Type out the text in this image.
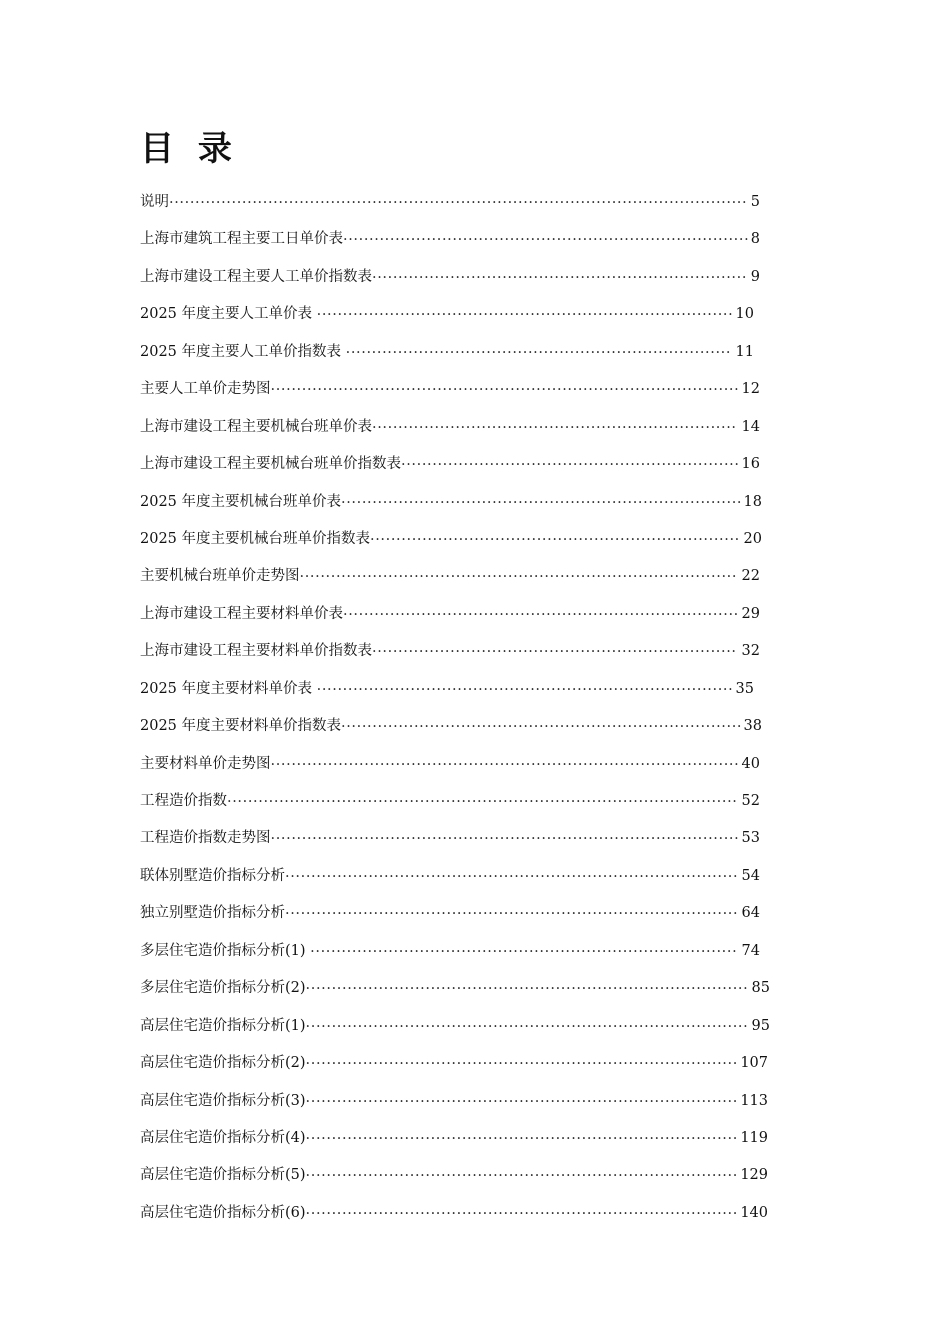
目 录
说明··············································································································· 5
上海市建筑工程主要工日单价表··············································································8
上海市建设工程主要人工单价指数表········································································ 9
2025 年度主要人工单价表 ················································································ 10
2025 年度主要人工单价指数表 ·········································································· 11
主要人工单价走势图·························································································· 12
上海市建设工程主要机械台班单价表······································································ 14
上海市建设工程主要机械台班单价指数表································································· 16
2025 年度主要机械台班单价表·············································································18
2025 年度主要机械台班单价指数表······································································· 20
主要机械台班单价走势图···················································································· 22
上海市建设工程主要材料单价表············································································ 29
上海市建设工程主要材料单价指数表······································································ 32
2025 年度主要材料单价表 ················································································ 35
2025 年度主要材料单价指数表·············································································38
主要材料单价走势图·························································································· 40
工程造价指数·································································································· 52
工程造价指数走势图·························································································· 53
联体别墅造价指标分析······················································································· 54
独立别墅造价指标分析······················································································· 64
多层住宅造价指标分析(1) ·················································································· 74
多层住宅造价指标分析(2)····················································································· 85
高层住宅造价指标分析(1)····················································································· 95
高层住宅造价指标分析(2)··················································································· 107
高层住宅造价指标分析(3)··················································································· 113
高层住宅造价指标分析(4)··················································································· 119
高层住宅造价指标分析(5)··················································································· 129
高层住宅造价指标分析(6)··················································································· 140
